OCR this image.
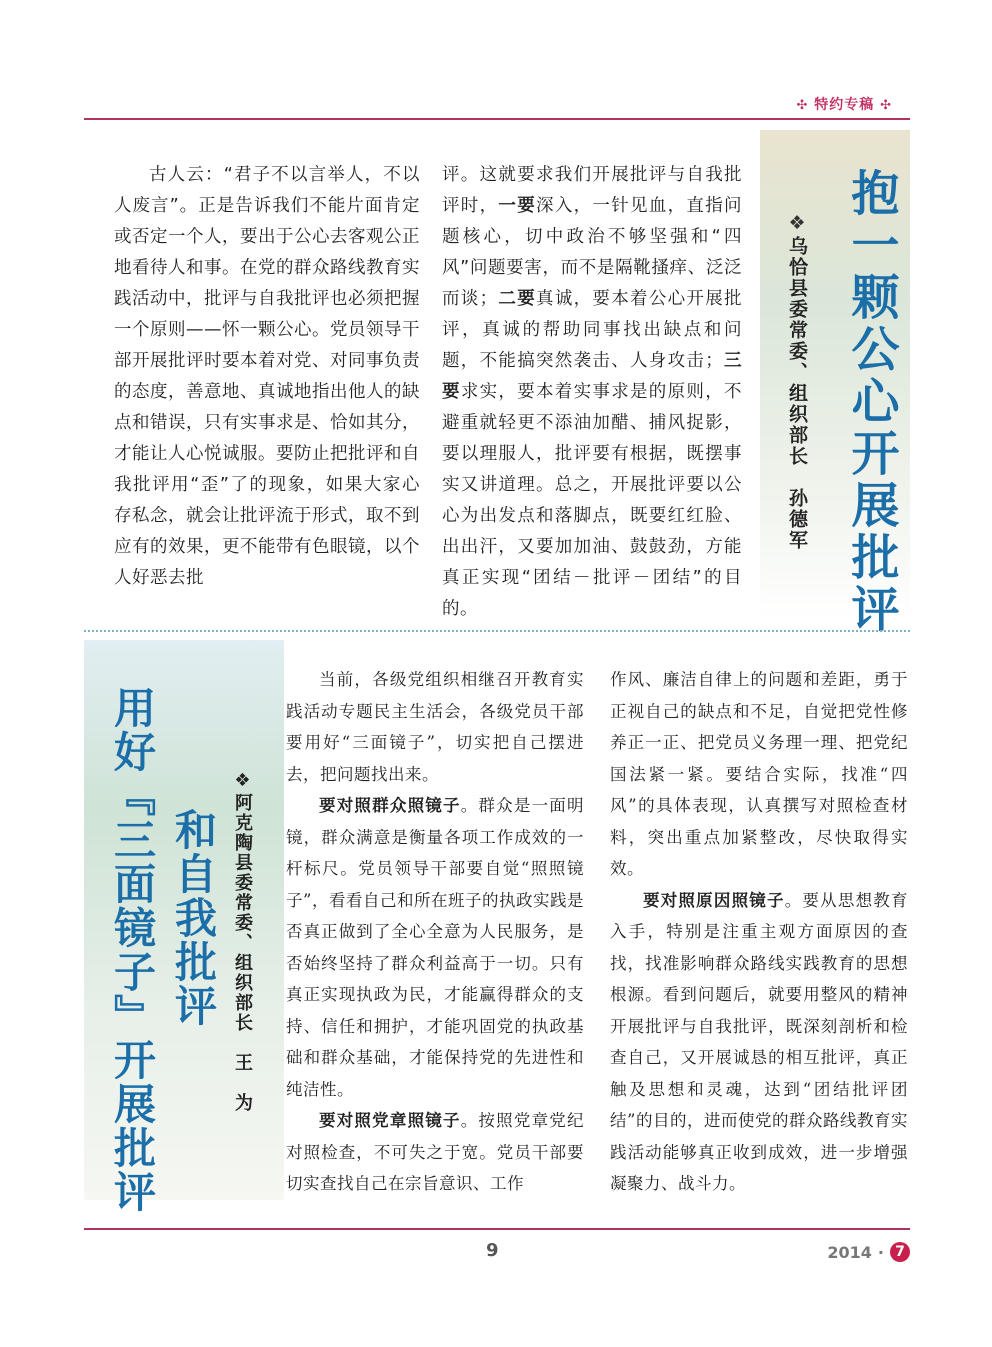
✣ 特约专稿 ✣
抱一颗公心开展批评
❖乌恰县委常委、组织部长　孙德军

古人云：“君子不以言举人，不以人废言”。正是告诉我们不能片面肯定或否定一个人，要出于公心去客观公正地看待人和事。在党的群众路线教育实践活动中，批评与自我批评也必须把握一个原则——怀一颗公心。党员领导干部开展批评时要本着对党、对同事负责的态度，善意地、真诚地指出他人的缺点和错误，只有实事求是、恰如其分，才能让人心悦诚服。要防止把批评和自我批评用“歪”了的现象，如果大家心存私念，就会让批评流于形式，取不到应有的效果，更不能带有色眼镜，以个人好恶去批

评。这就要求我们开展批评与自我批评时，一要深入，一针见血，直指问题核心，切中政治不够坚强和“四风”问题要害，而不是隔靴搔痒、泛泛而谈；二要真诚，要本着公心开展批评，真诚的帮助同事找出缺点和问题，不能搞突然袭击、人身攻击；三要求实，要本着实事求是的原则，不避重就轻更不添油加醋、捕风捉影，要以理服人，批评要有根据，既摆事实又讲道理。总之，开展批评要以公心为出发点和落脚点，既要红红脸、出出汗，又要加加油、鼓鼓劲，方能真正实现“团结－批评－团结”的目的。

用好『三面镜子』开展批评 和自我批评
❖阿克陶县委常委、组织部长　王　为

当前，各级党组织相继召开教育实践活动专题民主生活会，各级党员干部要用好“三面镜子”，切实把自己摆进去，把问题找出来。

要对照群众照镜子。群众是一面明镜，群众满意是衡量各项工作成效的一杆标尺。党员领导干部要自觉“照照镜子”，看看自己和所在班子的执政实践是否真正做到了全心全意为人民服务，是否始终坚持了群众利益高于一切。只有真正实现执政为民，才能赢得群众的支持、信任和拥护，才能巩固党的执政基础和群众基础，才能保持党的先进性和纯洁性。

要对照党章照镜子。按照党章党纪对照检查，不可失之于宽。党员干部要切实查找自己在宗旨意识、工作

作风、廉洁自律上的问题和差距，勇于正视自己的缺点和不足，自觉把党性修养正一正、把党员义务理一理、把党纪国法紧一紧。要结合实际，找准“四风”的具体表现，认真撰写对照检查材料，突出重点加紧整改，尽快取得实效。

要对照原因照镜子。要从思想教育入手，特别是注重主观方面原因的查找，找准影响群众路线实践教育的思想根源。看到问题后，就要用整风的精神开展批评与自我批评，既深刻剖析和检查自己，又开展诚恳的相互批评，真正触及思想和灵魂，达到“团结批评团结”的目的，进而使党的群众路线教育实践活动能够真正收到成效，进一步增强凝聚力、战斗力。

9	2014 · 7
